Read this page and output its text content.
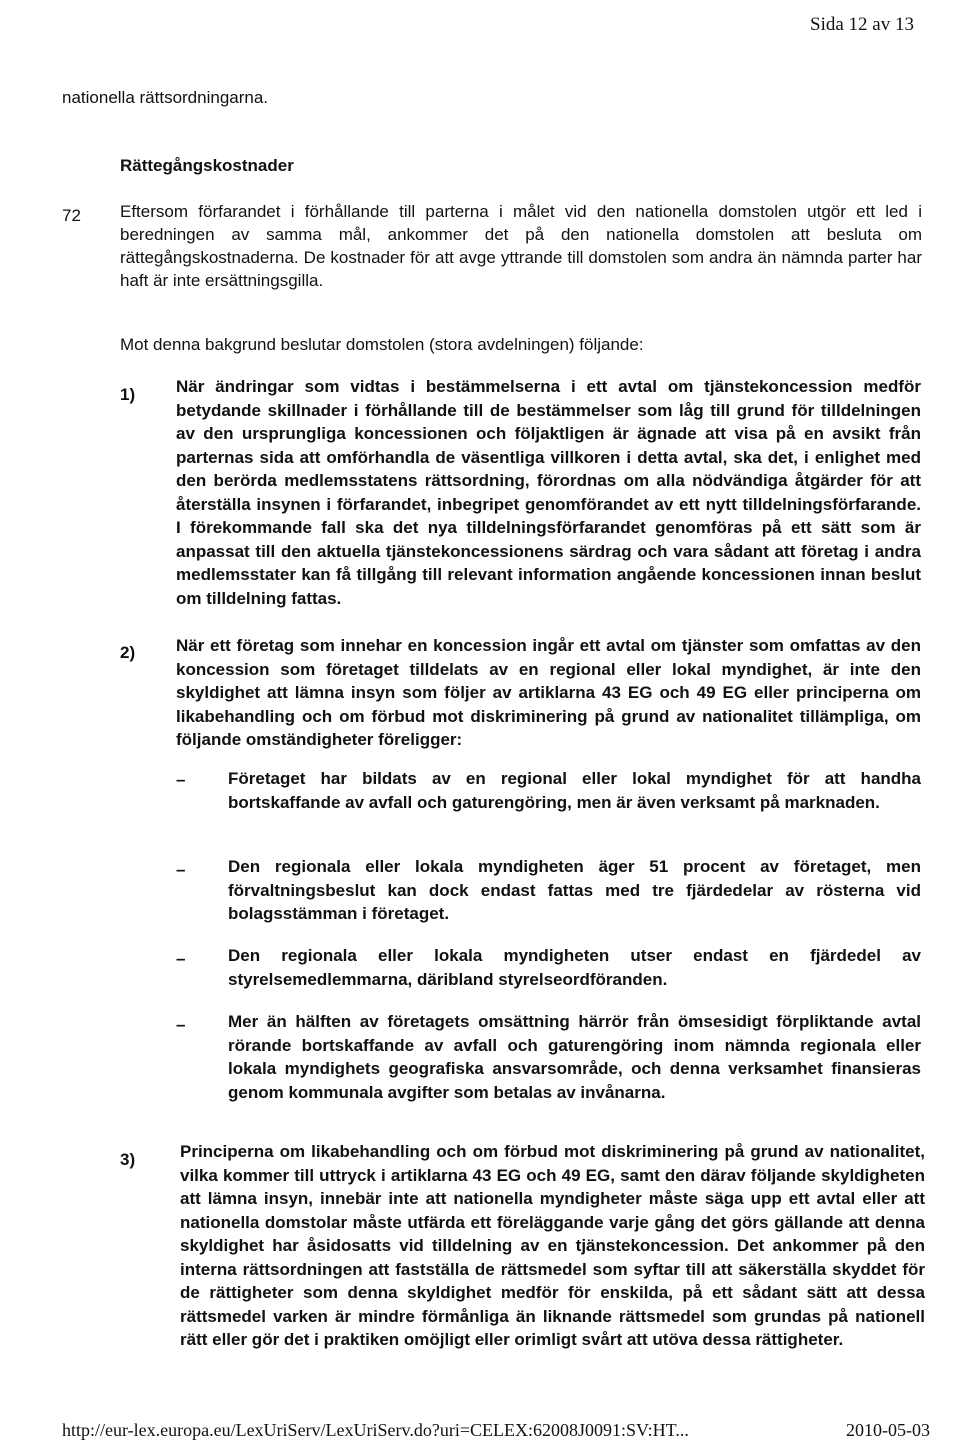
Sida 12 av 13
nationella rättsordningarna.
Rättegångskostnader
72 Eftersom förfarandet i förhållande till parterna i målet vid den nationella domstolen utgör ett led i beredningen av samma mål, ankommer det på den nationella domstolen att besluta om rättegångskostnaderna. De kostnader för att avge yttrande till domstolen som andra än nämnda parter har haft är inte ersättningsgilla.
Mot denna bakgrund beslutar domstolen (stora avdelningen) följande:
1) När ändringar som vidtas i bestämmelserna i ett avtal om tjänstekoncession medför betydande skillnader i förhållande till de bestämmelser som låg till grund för tilldelningen av den ursprungliga koncessionen och följaktligen är ägnade att visa på en avsikt från parternas sida att omförhandla de väsentliga villkoren i detta avtal, ska det, i enlighet med den berörda medlemsstatens rättsordning, förordnas om alla nödvändiga åtgärder för att återställa insynen i förfarandet, inbegripet genomförandet av ett nytt tilldelningsförfarande. I förekommande fall ska det nya tilldelningsförfarandet genomföras på ett sätt som är anpassat till den aktuella tjänstekoncessionens särdrag och vara sådant att företag i andra medlemsstater kan få tillgång till relevant information angående koncessionen innan beslut om tilldelning fattas.
2) När ett företag som innehar en koncession ingår ett avtal om tjänster som omfattas av den koncession som företaget tilldelats av en regional eller lokal myndighet, är inte den skyldighet att lämna insyn som följer av artiklarna 43 EG och 49 EG eller principerna om likabehandling och om förbud mot diskriminering på grund av nationalitet tillämpliga, om följande omständigheter föreligger:
–	Företaget har bildats av en regional eller lokal myndighet för att handha bortskaffande av avfall och gaturengöring, men är även verksamt på marknaden.
–	Den regionala eller lokala myndigheten äger 51 procent av företaget, men förvaltningsbeslut kan dock endast fattas med tre fjärdedelar av rösterna vid bolagsstämman i företaget.
–	Den regionala eller lokala myndigheten utser endast en fjärdedel av styrelsemedlemmarna, däribland styrelseordföranden.
–	Mer än hälften av företagets omsättning härrör från ömsesidigt förpliktande avtal rörande bortskaffande av avfall och gaturengöring inom nämnda regionala eller lokala myndighets geografiska ansvarsområde, och denna verksamhet finansieras genom kommunala avgifter som betalas av invånarna.
3)	Principerna om likabehandling och om förbud mot diskriminering på grund av nationalitet, vilka kommer till uttryck i artiklarna 43 EG och 49 EG, samt den därav följande skyldigheten att lämna insyn, innebär inte att nationella myndigheter måste säga upp ett avtal eller att nationella domstolar måste utfärda ett föreläggande varje gång det görs gällande att denna skyldighet har åsidosatts vid tilldelning av en tjänstekoncession. Det ankommer på den interna rättsordningen att fastställa de rättsmedel som syftar till att säkerställa skyddet för de rättigheter som denna skyldighet medför för enskilda, på ett sådant sätt att dessa rättsmedel varken är mindre förmånliga än liknande rättsmedel som grundas på nationell rätt eller gör det i praktiken omöjligt eller orimligt svårt att utöva dessa rättigheter.
http://eur-lex.europa.eu/LexUriServ/LexUriServ.do?uri=CELEX:62008J0091:SV:HT...	2010-05-03
